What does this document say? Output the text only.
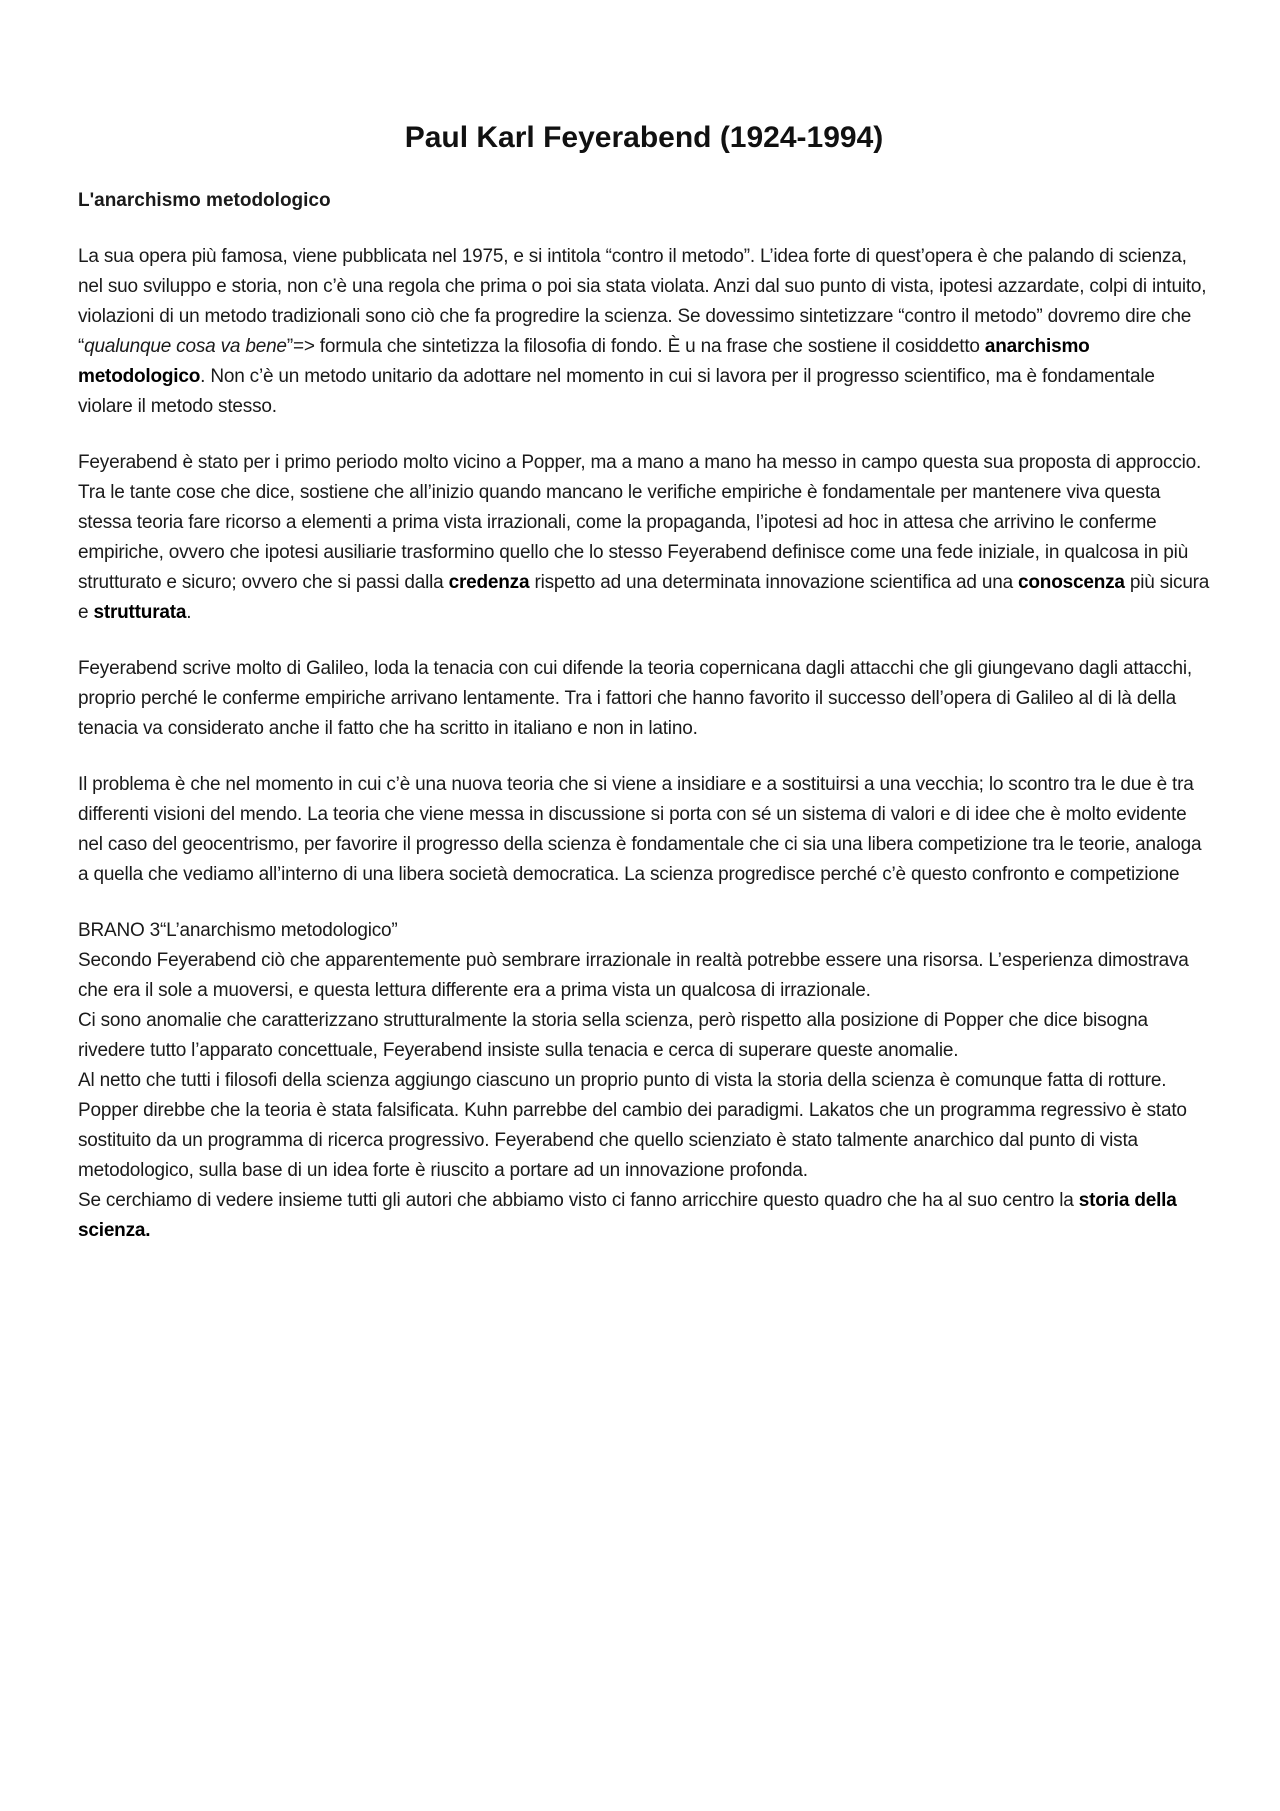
Paul Karl Feyerabend (1924-1994)
L'anarchismo metodologico

La sua opera più famosa, viene pubblicata nel 1975, e si intitola “contro il metodo”. L’idea forte di quest’opera è che palando di scienza, nel suo sviluppo e storia, non c’è una regola che prima o poi sia stata violata. Anzi dal suo punto di vista, ipotesi azzardate, colpi di intuito, violazioni di un metodo tradizionali sono ciò che fa progredire la scienza. Se dovessimo sintetizzare “contro il metodo” dovremo dire che “qualunque cosa va bene”=> formula che sintetizza la filosofia di fondo. È u na frase che sostiene il cosiddetto anarchismo metodologico. Non c’è un metodo unitario da adottare nel momento in cui si lavora per il progresso scientifico, ma è fondamentale violare il metodo stesso.

Feyerabend è stato per i primo periodo molto vicino a Popper, ma a mano a mano ha messo in campo questa sua proposta di approccio. Tra le tante cose che dice, sostiene che all’inizio quando mancano le verifiche empiriche è fondamentale per mantenere viva questa stessa teoria fare ricorso a elementi a prima vista irrazionali, come la propaganda, l’ipotesi ad hoc in attesa che arrivino le conferme empiriche, ovvero che ipotesi ausiliarie trasformino quello che lo stesso Feyerabend definisce come una fede iniziale, in qualcosa in più strutturato e sicuro; ovvero che si passi dalla credenza rispetto ad una determinata innovazione scientifica ad una conoscenza più sicura e strutturata.

Feyerabend scrive molto di Galileo, loda la tenacia con cui difende la teoria copernicana dagli attacchi che gli giungevano dagli attacchi, proprio perché le conferme empiriche arrivano lentamente. Tra i fattori che hanno favorito il successo dell’opera di Galileo al di là della tenacia va considerato anche il fatto che ha scritto in italiano e non in latino.

Il problema è che nel momento in cui c’è una nuova teoria che si viene a insidiare e a sostituirsi a una vecchia; lo scontro tra le due è tra differenti visioni del mendo. La teoria che viene messa in discussione si porta con sé un sistema di valori e di idee che è molto evidente nel caso del geocentrismo, per favorire il progresso della scienza è fondamentale che ci sia una libera competizione tra le teorie, analoga a quella che vediamo all’interno di una libera società democratica. La scienza progredisce perché c’è questo confronto e competizione

BRANO 3“L’anarchismo metodologico”
Secondo Feyerabend ciò che apparentemente può sembrare irrazionale in realtà potrebbe essere una risorsa. L’esperienza dimostrava che era il sole a muoversi, e questa lettura differente era a prima vista un qualcosa di irrazionale.
Ci sono anomalie che caratterizzano strutturalmente la storia sella scienza, però rispetto alla posizione di Popper che dice bisogna rivedere tutto l’apparato concettuale, Feyerabend insiste sulla tenacia e cerca di superare queste anomalie.
Al netto che tutti i filosofi della scienza aggiungo ciascuno un proprio punto di vista la storia della scienza è comunque fatta di rotture. Popper direbbe che la teoria è stata falsificata. Kuhn parrebbe del cambio dei paradigmi. Lakatos che un programma regressivo è stato sostituito da un programma di ricerca progressivo. Feyerabend che quello scienziato è stato talmente anarchico dal punto di vista metodologico, sulla base di un idea forte è riuscito a portare ad un innovazione profonda.
Se cerchiamo di vedere insieme tutti gli autori che abbiamo visto ci fanno arricchire questo quadro che ha al suo centro la storia della scienza.
